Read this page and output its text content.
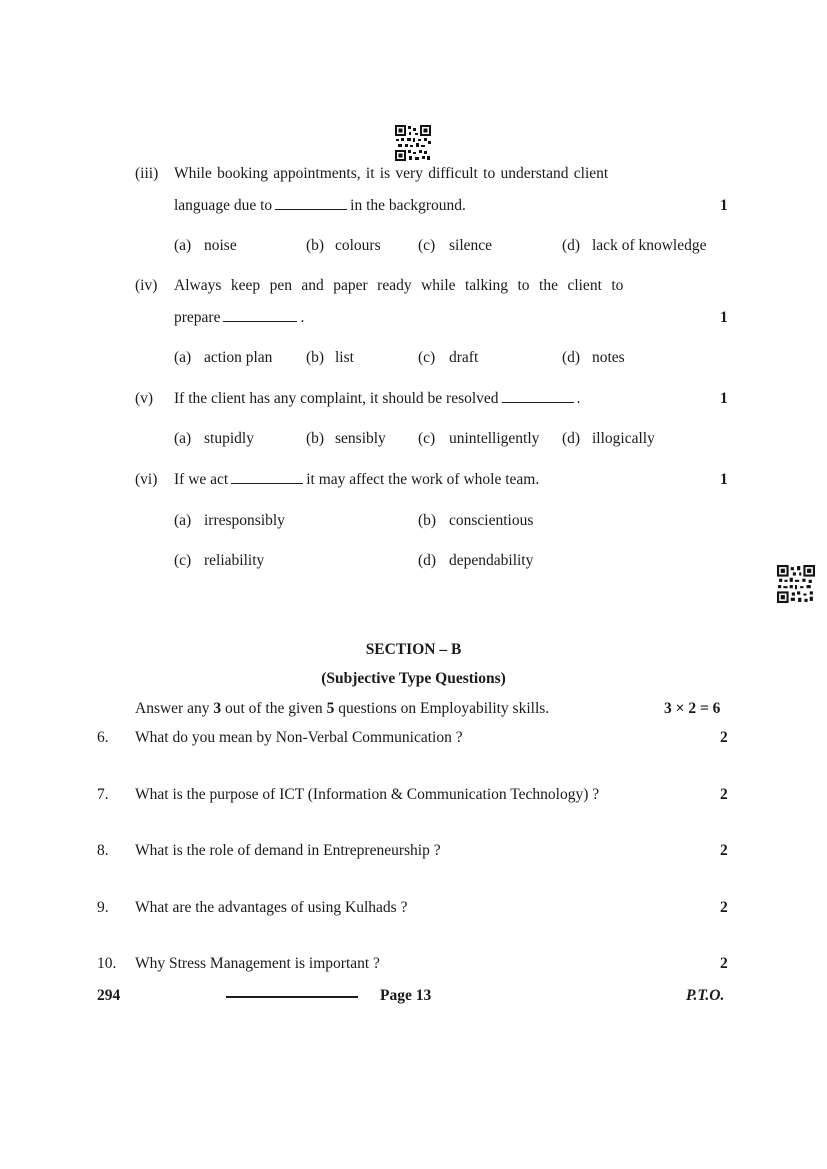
(iii) While booking appointments, it is very difficult to understand client
language due to	in the background.	1
(a) noise	(b) colours (c) silence	(d) lack of knowledge
(iv) Always keep pen and paper ready while talking to the client to
prepare	.	1
(a) action plan (b) list	(c) draft	(d) notes
(v) If the client has any complaint, it should be resolved	.	1
(a) stupidly	(b) sensibly (c) unintelligently (d) illogically
(vi) If we act	it may affect the work of whole team.	1
(a) irresponsibly	(b) conscientious
(c) reliability	(d) dependability
SECTION – B
(Subjective Type Questions)
Answer any 3 out of the given 5 questions on Employability skills.	3 × 2 = 6
6. What do you mean by Non-Verbal Communication ?	2
7. What is the purpose of ICT (Information & Communication Technology) ?	2
8. What is the role of demand in Entrepreneurship ?	2
9. What are the advantages of using Kulhads ?	2
10. Why Stress Management is important ?	2
294	Page 13	P.T.O.
